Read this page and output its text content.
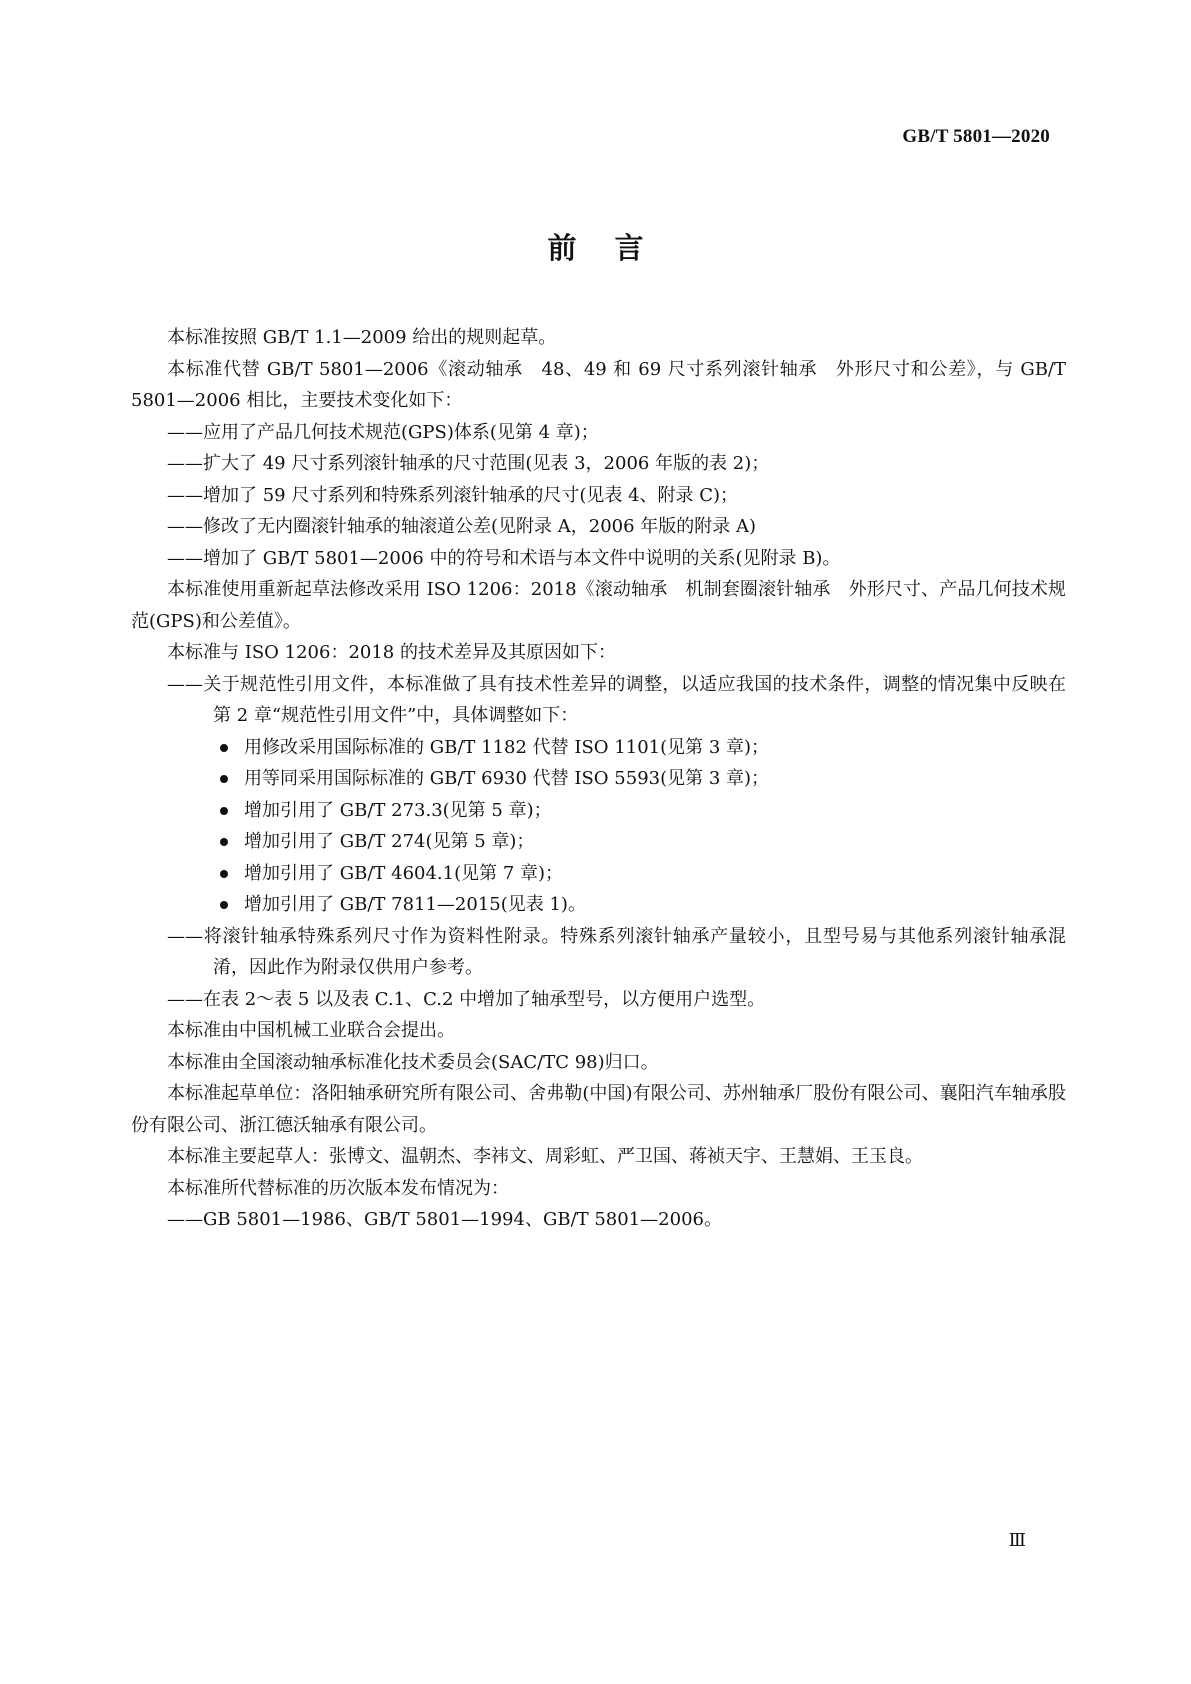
GB/T 5801—2020
前言

本标准按照 GB/T 1.1—2009 给出的规则起草。

本标准代替 GB/T 5801—2006《滚动轴承　48、49 和 69 尺寸系列滚针轴承　外形尺寸和公差》，与 GB/T 5801—2006 相比，主要技术变化如下：

——应用了产品几何技术规范(GPS)体系(见第 4 章)；

——扩大了 49 尺寸系列滚针轴承的尺寸范围(见表 3，2006 年版的表 2)；

——增加了 59 尺寸系列和特殊系列滚针轴承的尺寸(见表 4、附录 C)；

——修改了无内圈滚针轴承的轴滚道公差(见附录 A，2006 年版的附录 A)

——增加了 GB/T 5801—2006 中的符号和术语与本文件中说明的关系(见附录 B)。

本标准使用重新起草法修改采用 ISO 1206：2018《滚动轴承　机制套圈滚针轴承　外形尺寸、产品几何技术规范(GPS)和公差值》。

本标准与 ISO 1206：2018 的技术差异及其原因如下：

——关于规范性引用文件，本标准做了具有技术性差异的调整，以适应我国的技术条件，调整的情况集中反映在第 2 章“规范性引用文件”中，具体调整如下：

用修改采用国际标准的 GB/T 1182 代替 ISO 1101(见第 3 章)；
用等同采用国际标准的 GB/T 6930 代替 ISO 5593(见第 3 章)；
增加引用了 GB/T 273.3(见第 5 章)；
增加引用了 GB/T 274(见第 5 章)；
增加引用了 GB/T 4604.1(见第 7 章)；
增加引用了 GB/T 7811—2015(见表 1)。

——将滚针轴承特殊系列尺寸作为资料性附录。特殊系列滚针轴承产量较小，且型号易与其他系列滚针轴承混淆，因此作为附录仅供用户参考。

——在表 2～表 5 以及表 C.1、C.2 中增加了轴承型号，以方便用户选型。

本标准由中国机械工业联合会提出。

本标准由全国滚动轴承标准化技术委员会(SAC/TC 98)归口。

本标准起草单位：洛阳轴承研究所有限公司、舍弗勒(中国)有限公司、苏州轴承厂股份有限公司、襄阳汽车轴承股份有限公司、浙江德沃轴承有限公司。

本标准主要起草人：张博文、温朝杰、李祎文、周彩虹、严卫国、蒋祯天宇、王慧娟、王玉良。

本标准所代替标准的历次版本发布情况为：

——GB 5801—1986、GB/T 5801—1994、GB/T 5801—2006。

Ⅲ
